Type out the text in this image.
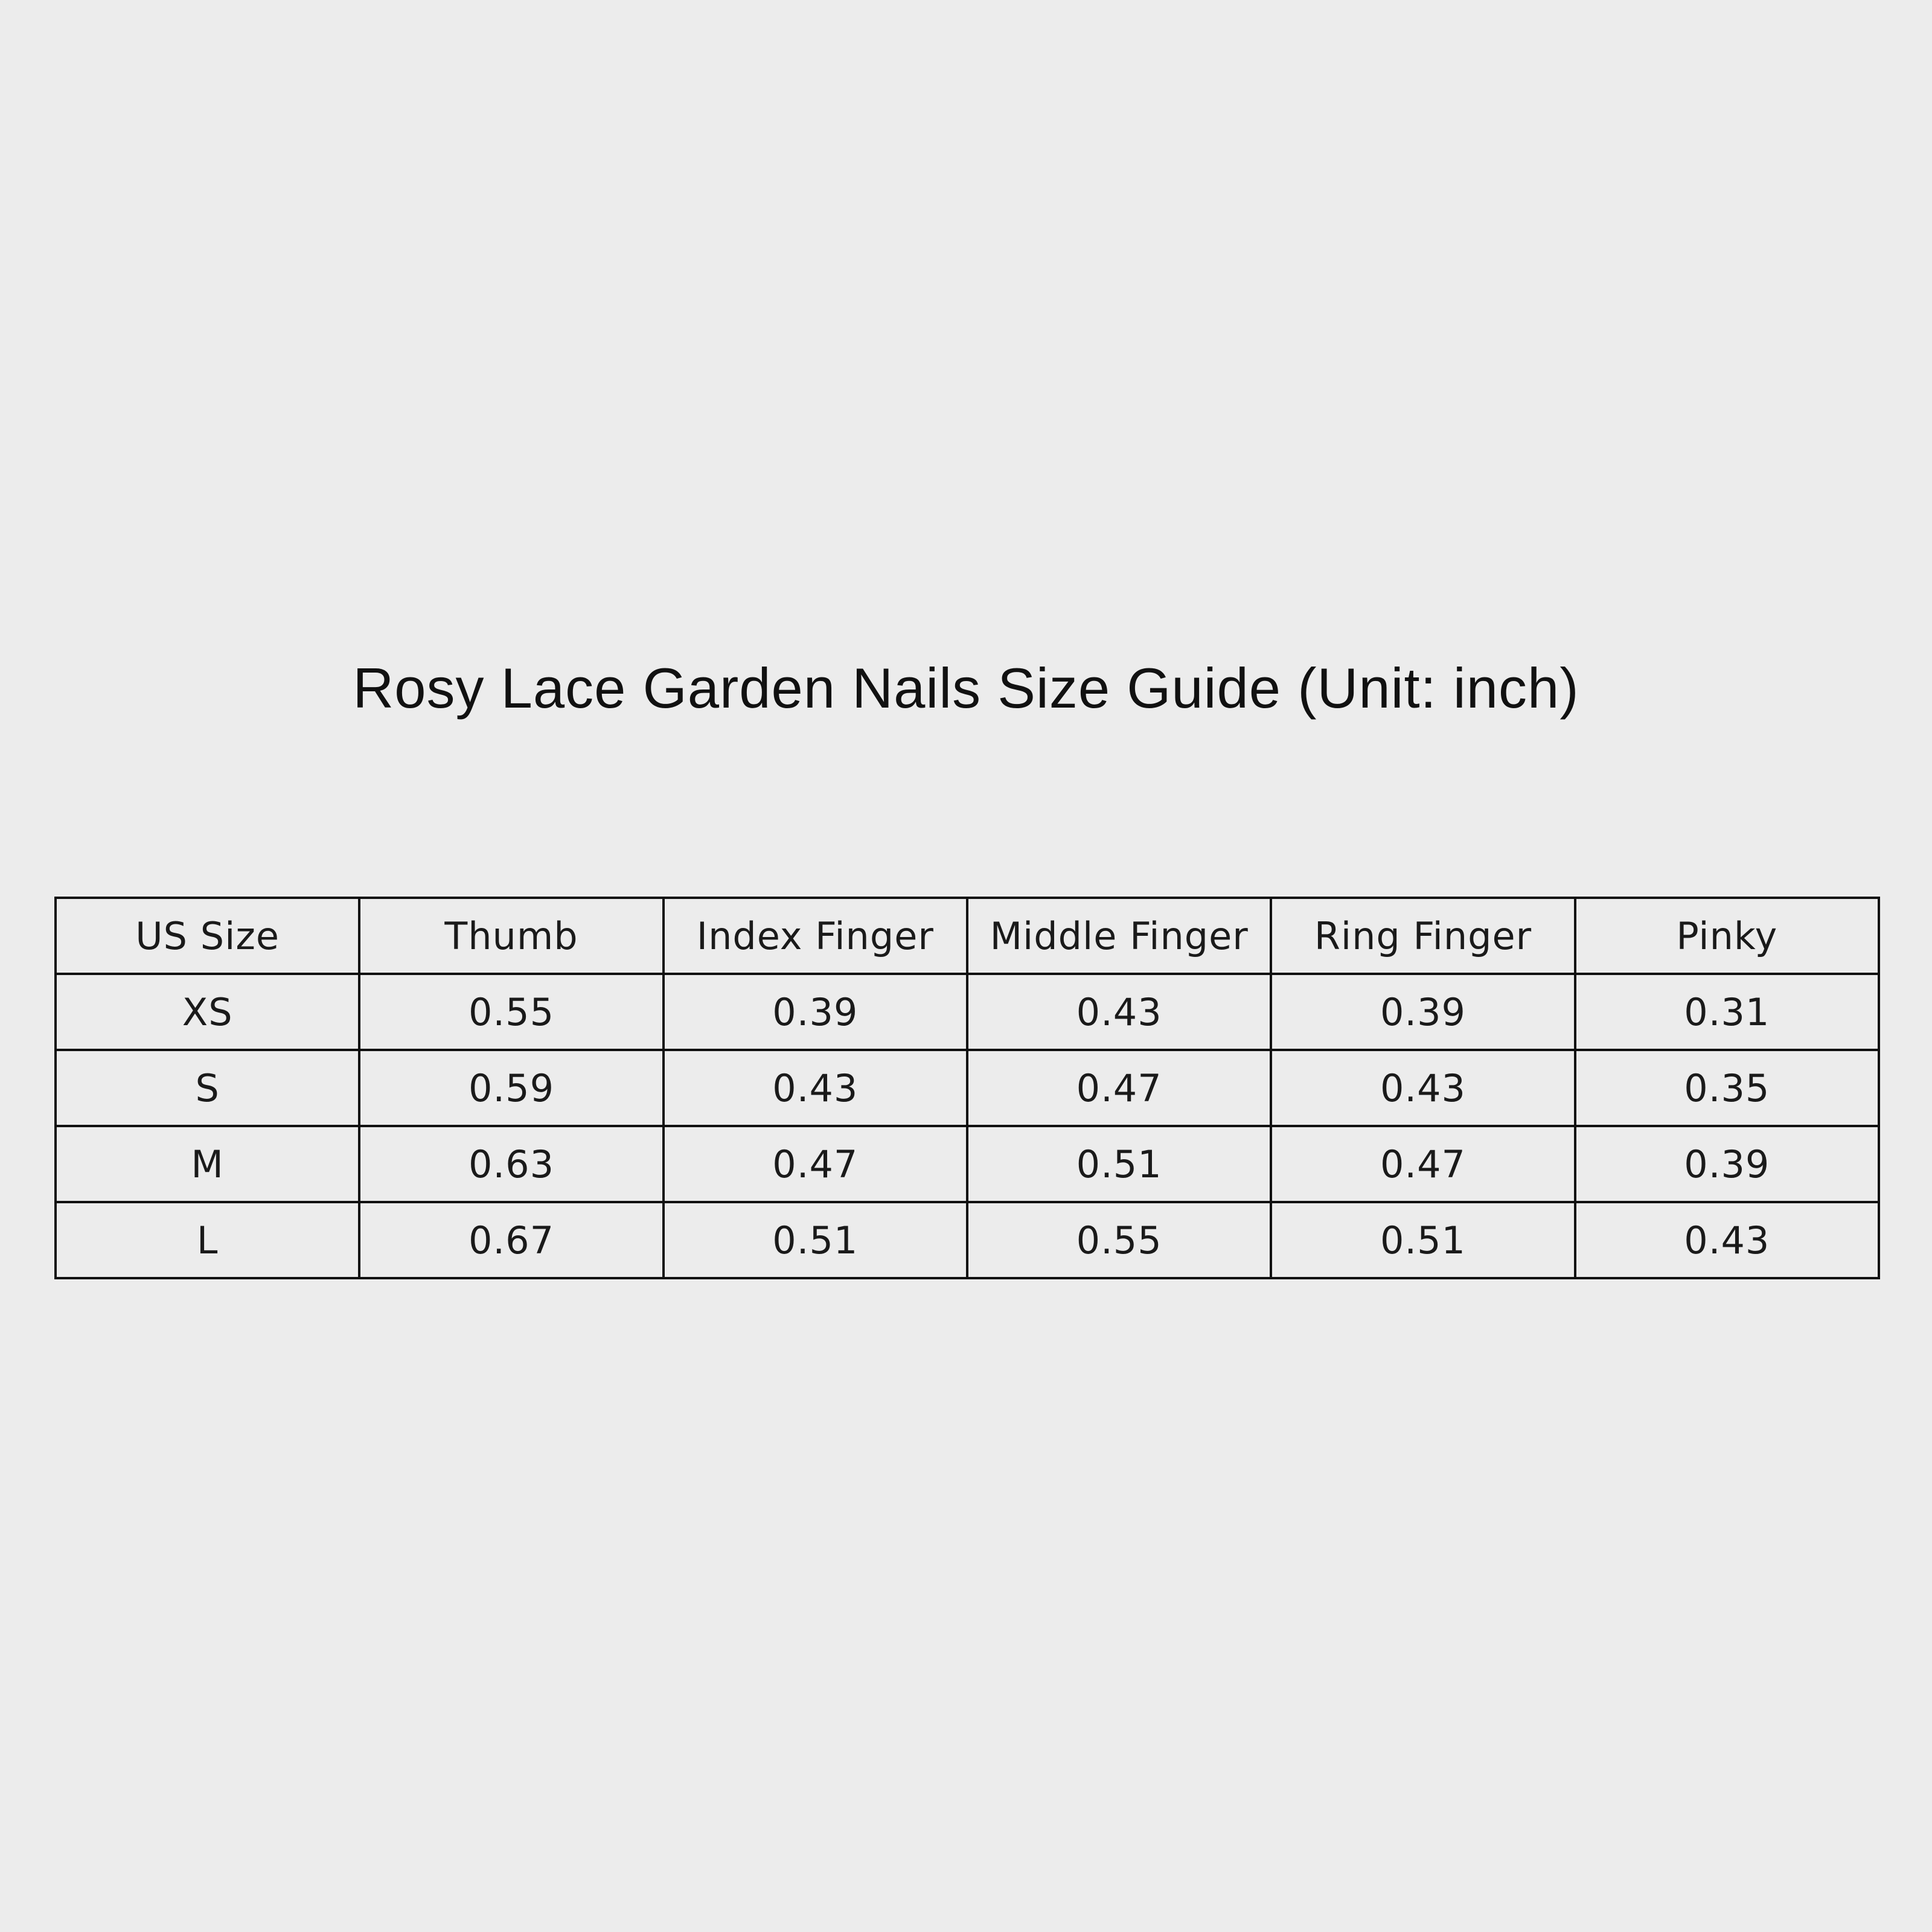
Rosy Lace Garden Nails Size Guide (Unit: inch)
US Size	Thumb	Index Finger	Middle Finger	Ring Finger	Pinky
XS	0.55	0.39	0.43	0.39	0.31
S	0.59	0.43	0.47	0.43	0.35
M	0.63	0.47	0.51	0.47	0.39
L	0.67	0.51	0.55	0.51	0.43
